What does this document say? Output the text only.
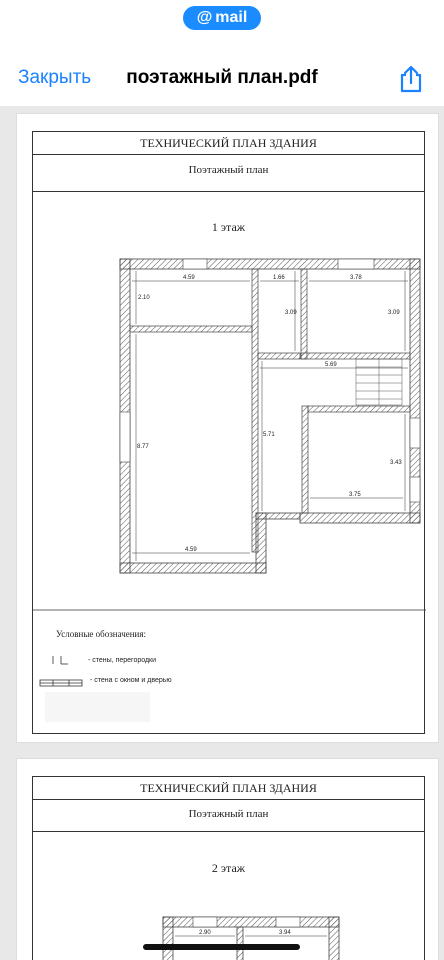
@ mail
Закрыть	поэтажный план.pdf
ТЕХНИЧЕСКИЙ ПЛАН ЗДАНИЯ
Поэтажный план
1 этаж
4.59	1.66	3.78
2.10
3.09	3.09
5.69
8.77
5.71
3.43
3.75
4.59
Условные обозначения:
- стены, перегородки
- стена с окном и дверью
ТЕХНИЧЕСКИЙ ПЛАН ЗДАНИЯ
Поэтажный план
2 этаж
2.90	3.94
